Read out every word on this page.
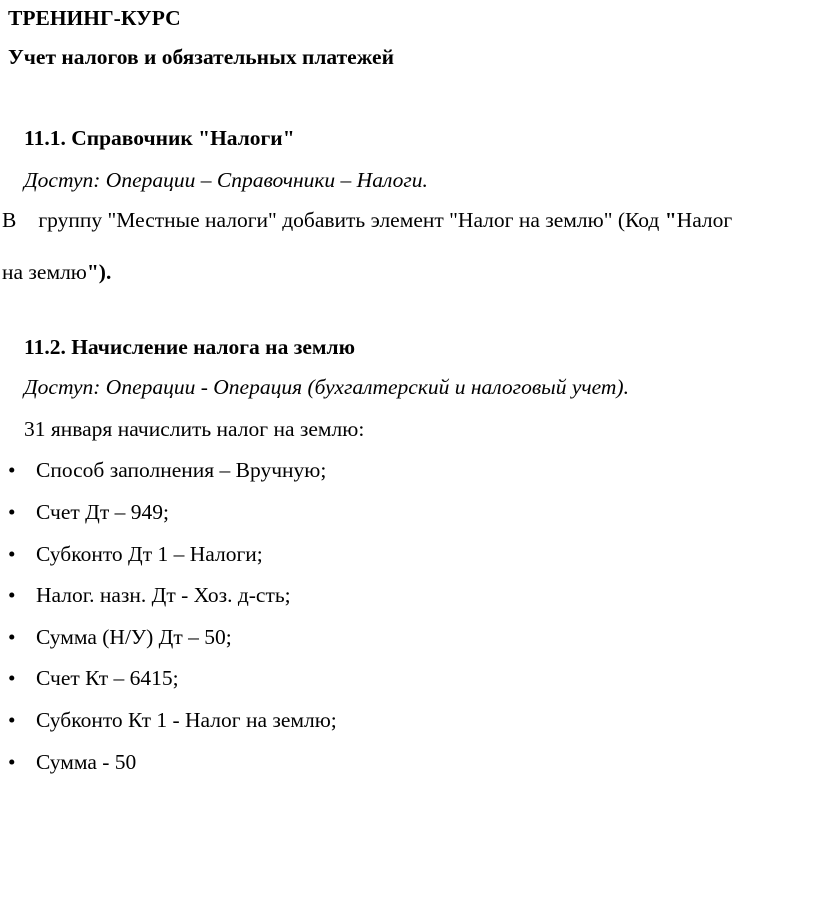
ТРЕНИНГ-КУРС
Учет налогов и обязательных платежей
11.1. Справочник "Налоги"
Доступ: Операции – Справочники – Налоги.
В группу "Местные налоги" добавить элемент "Налог на землю" (Код "Налог
на землю").
11.2. Начисление налога на землю
Доступ: Операции - Операция (бухгалтерский и налоговый учет).
31 января начислить налог на землю:
• Способ заполнения – Вручную;
• Счет Дт – 949;
• Субконто Дт 1 – Налоги;
• Налог. назн. Дт - Хоз. д-сть;
• Сумма (Н/У) Дт – 50;
• Счет Кт – 6415;
• Субконто Кт 1 - Налог на землю;
• Сумма - 50
